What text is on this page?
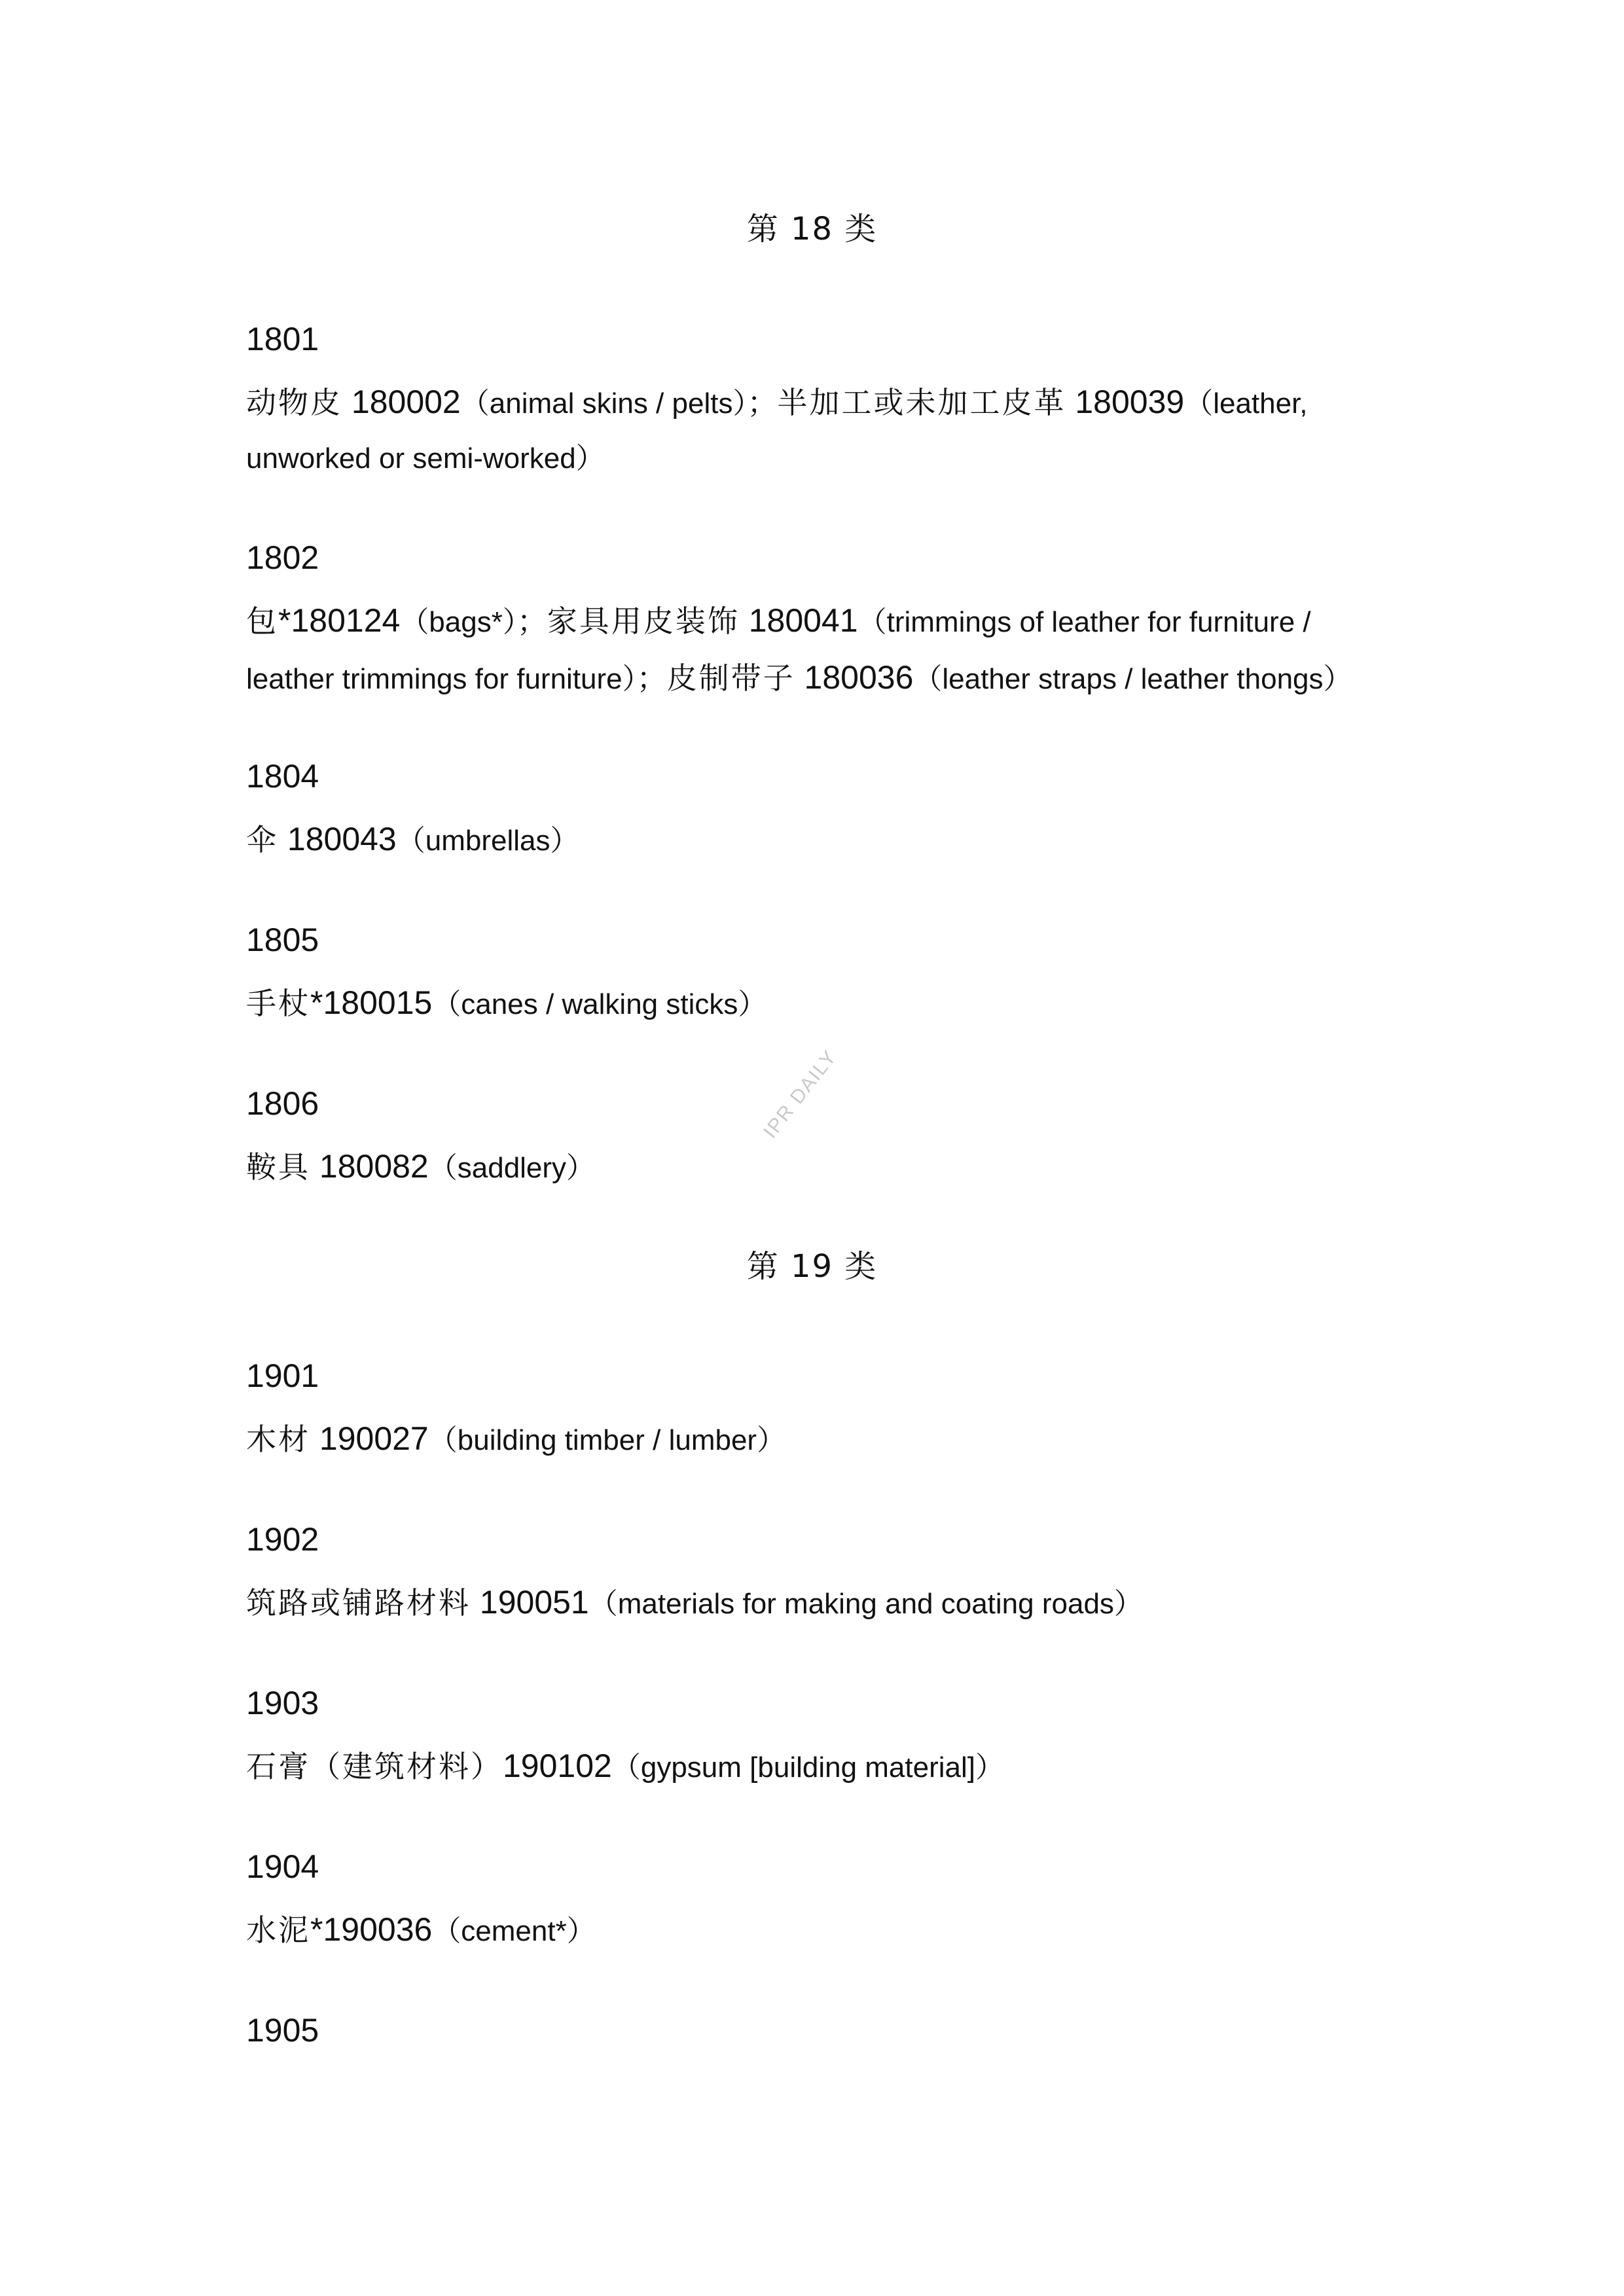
第 18 类

1801

动物皮 180002（animal skins / pelts）；半加工或未加工皮革 180039（leather, unworked or semi-worked）

1802

包*180124（bags*）；家具用皮装饰 180041（trimmings of leather for furniture / leather trimmings for furniture）；皮制带子 180036（leather straps / leather thongs）

1804

伞 180043（umbrellas）

1805

手杖*180015（canes / walking sticks）

1806

鞍具 180082（saddlery）
IPR DAILY
第 19 类

1901

木材 190027（building timber / lumber）

1902

筑路或铺路材料 190051（materials for making and coating roads）

1903

石膏（建筑材料）190102（gypsum [building material]）

1904

水泥*190036（cement*）

1905
